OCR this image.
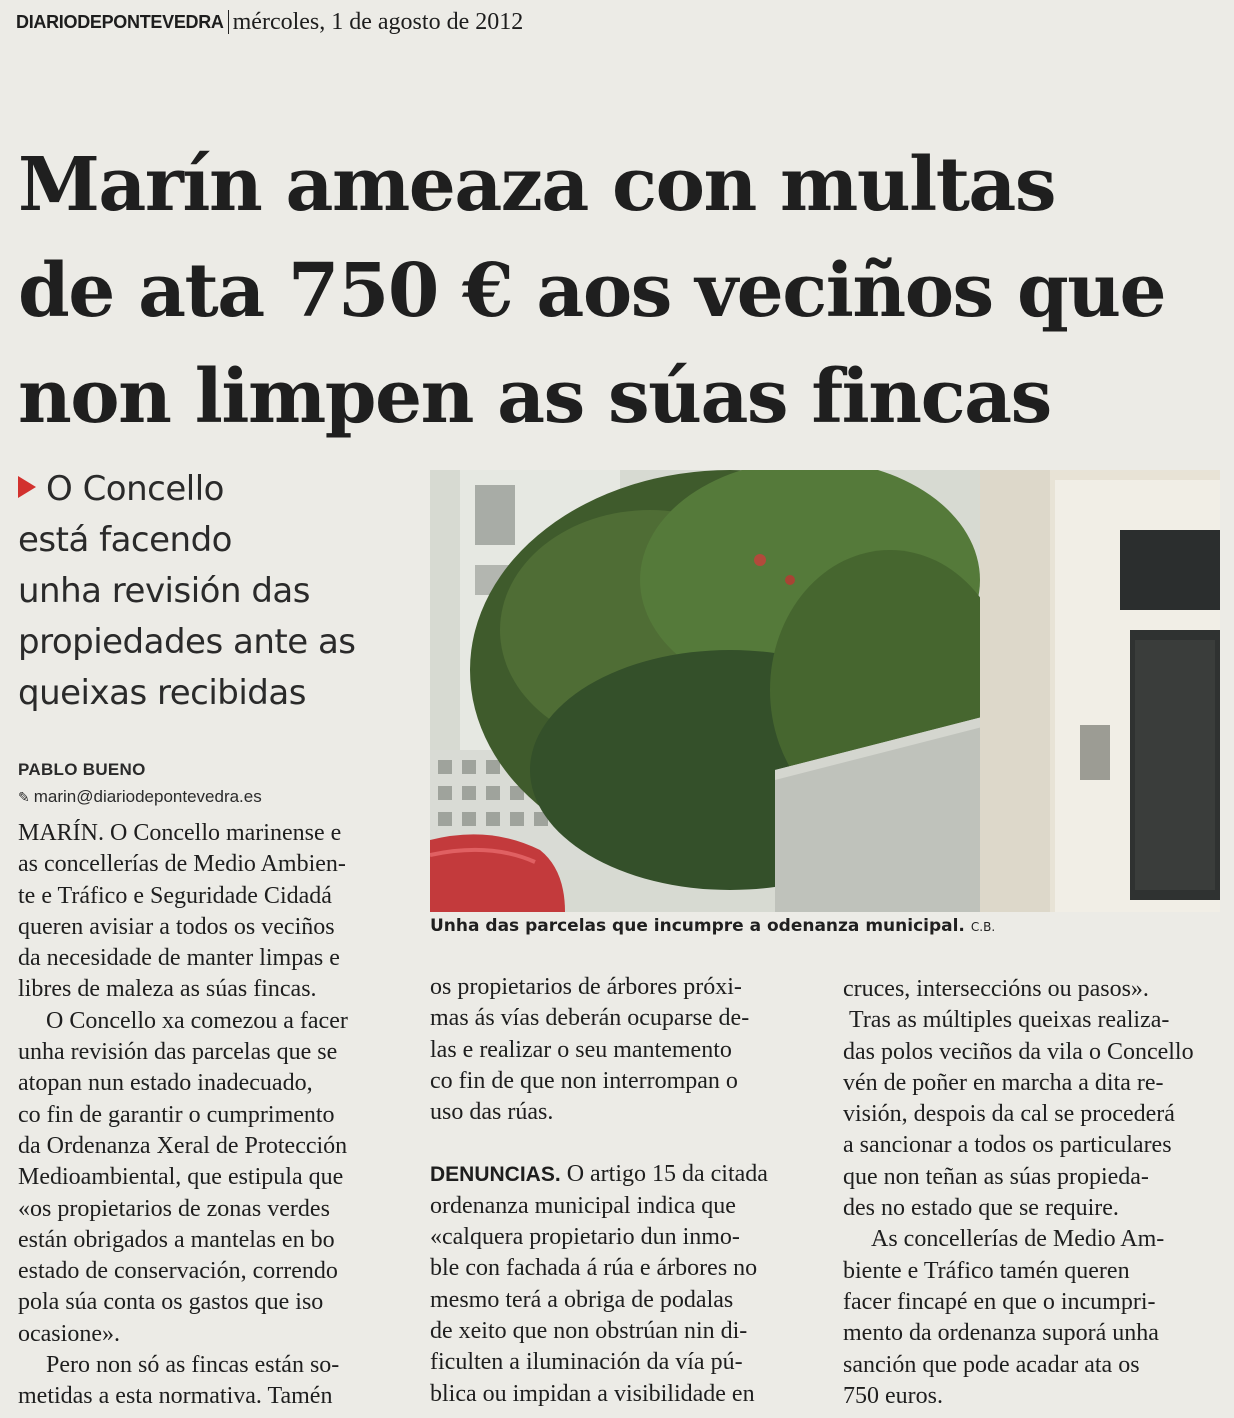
DIARIODEPONTEVEDRA mércoles, 1 de agosto de 2012
Marín ameaza con multas
de ata 750 € aos veciños que
non limpen as súas fincas
O Concello
está facendo
unha revisión das
propiedades ante as
queixas recibidas
PABLO BUENO
✎ marin@diariodepontevedra.es
Unha das parcelas que incumpre a odenanza municipal. C.B.

MARÍN. O Concello marinense e

as concellerías de Medio Ambien-

te e Tráfico e Seguridade Cidadá

queren avisiar a todos os veciños

da necesidade de manter limpas e

libres de maleza as súas fincas.

O Concello xa comezou a facer

unha revisión das parcelas que se

atopan nun estado inadecuado,

co fin de garantir o cumprimento

da Ordenanza Xeral de Protección

Medioambiental, que estipula que

«os propietarios de zonas verdes

están obrigados a mantelas en bo

estado de conservación, correndo

pola súa conta os gastos que iso

ocasione».

Pero non só as fincas están so-

metidas a esta normativa. Tamén

os propietarios de árbores próxi-

mas ás vías deberán ocuparse de-

las e realizar o seu mantemento

co fin de que non interrompan o

uso das rúas.

DENUNCIAS. O artigo 15 da citada

ordenanza municipal indica que

«calquera propietario dun inmo-

ble con fachada á rúa e árbores no

mesmo terá a obriga de podalas

de xeito que non obstrúan nin di-

ficulten a iluminación da vía pú-

blica ou impidan a visibilidade en

cruces, interseccións ou pasos».

Tras as múltiples queixas realiza-

das polos veciños da vila o Concello

vén de poñer en marcha a dita re-

visión, despois da cal se procederá

a sancionar a todos os particulares

que non teñan as súas propieda-

des no estado que se require.

As concellerías de Medio Am-

biente e Tráfico tamén queren

facer fincapé en que o incumpri-

mento da ordenanza suporá unha

sanción que pode acadar ata os

750 euros.
